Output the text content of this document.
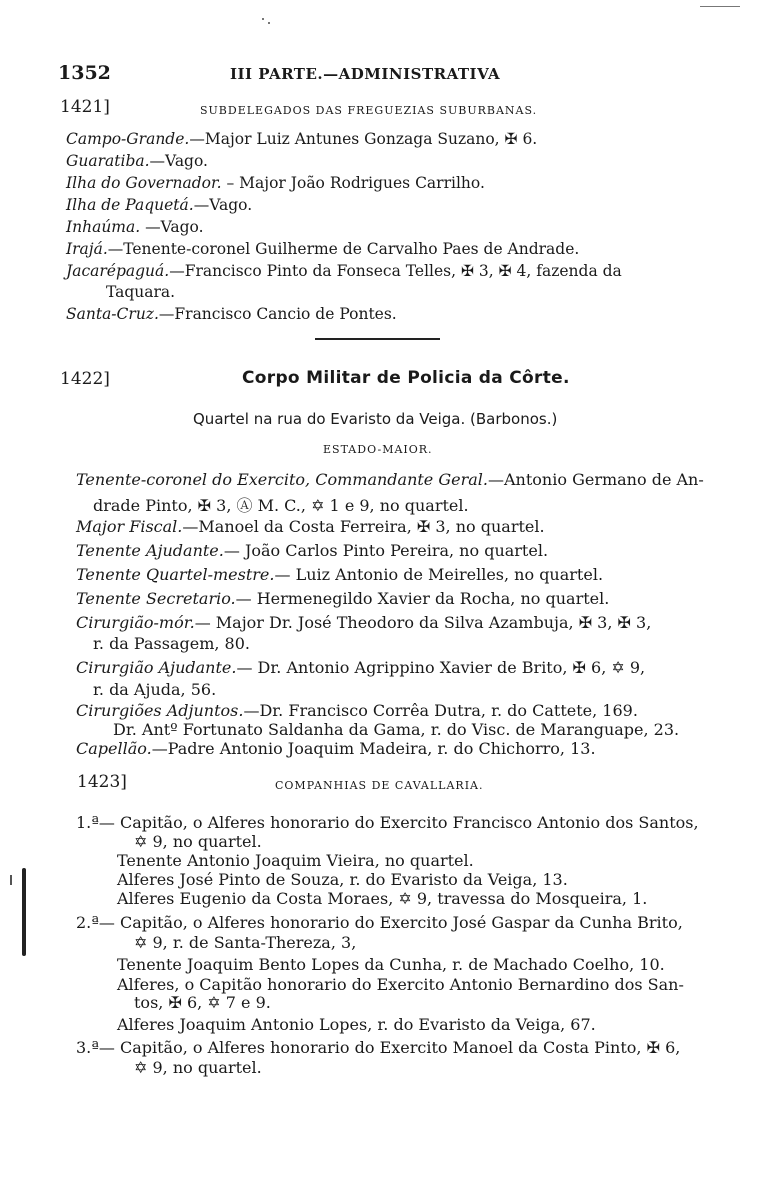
1352	III PARTE.—ADMINISTRATIVA
1421]	SUBDELEGADOS DAS FREGUEZIAS SUBURBANAS.
Campo-Grande.—Major Luiz Antunes Gonzaga Suzano, ✠ 6.
Guaratiba.—Vago.
Ilha do Governador. – Major João Rodrigues Carrilho.
Ilha de Paquetá.—Vago.
Inhaúma. —Vago.
Irajá.—Tenente-coronel Guilherme de Carvalho Paes de Andrade.
Jacarépaguá.—Francisco Pinto da Fonseca Telles, ✠ 3, ✠ 4, fazenda da
Taquara.
Santa-Cruz.—Francisco Cancio de Pontes.
1422]	Corpo Militar de Policia da Côrte.
Quartel na rua do Evaristo da Veiga. (Barbonos.)
ESTADO-MAIOR.
Tenente-coronel do Exercito, Commandante Geral.—Antonio Germano de An-
drade Pinto, ✠ 3, Ⓐ M. C., ✡ 1 e 9, no quartel.
Major Fiscal.—Manoel da Costa Ferreira, ✠ 3, no quartel.
Tenente Ajudante.— João Carlos Pinto Pereira, no quartel.
Tenente Quartel-mestre.— Luiz Antonio de Meirelles, no quartel.
Tenente Secretario.— Hermenegildo Xavier da Rocha, no quartel.
Cirurgião-mór.— Major Dr. José Theodoro da Silva Azambuja, ✠ 3, ✠ 3,
r. da Passagem, 80.
Cirurgião Ajudante.— Dr. Antonio Agrippino Xavier de Brito, ✠ 6, ✡ 9,
r. da Ajuda, 56.
Cirurgiões Adjuntos.—Dr. Francisco Corrêa Dutra, r. do Cattete, 169.
Dr. Antº Fortunato Saldanha da Gama, r. do Visc. de Maranguape, 23.
Capellão.—Padre Antonio Joaquim Madeira, r. do Chichorro, 13.
1423]	COMPANHIAS DE CAVALLARIA.
1.ª— Capitão, o Alferes honorario do Exercito Francisco Antonio dos Santos,
✡ 9, no quartel.
Tenente Antonio Joaquim Vieira, no quartel.
Alferes José Pinto de Souza, r. do Evaristo da Veiga, 13.
Alferes Eugenio da Costa Moraes, ✡ 9, travessa do Mosqueira, 1.
2.ª— Capitão, o Alferes honorario do Exercito José Gaspar da Cunha Brito,
✡ 9, r. de Santa-Thereza, 3,
Tenente Joaquim Bento Lopes da Cunha, r. de Machado Coelho, 10.
Alferes, o Capitão honorario do Exercito Antonio Bernardino dos San-
tos, ✠ 6, ✡ 7 e 9.
Alferes Joaquim Antonio Lopes, r. do Evaristo da Veiga, 67.
3.ª— Capitão, o Alferes honorario do Exercito Manoel da Costa Pinto, ✠ 6,
✡ 9, no quartel.
